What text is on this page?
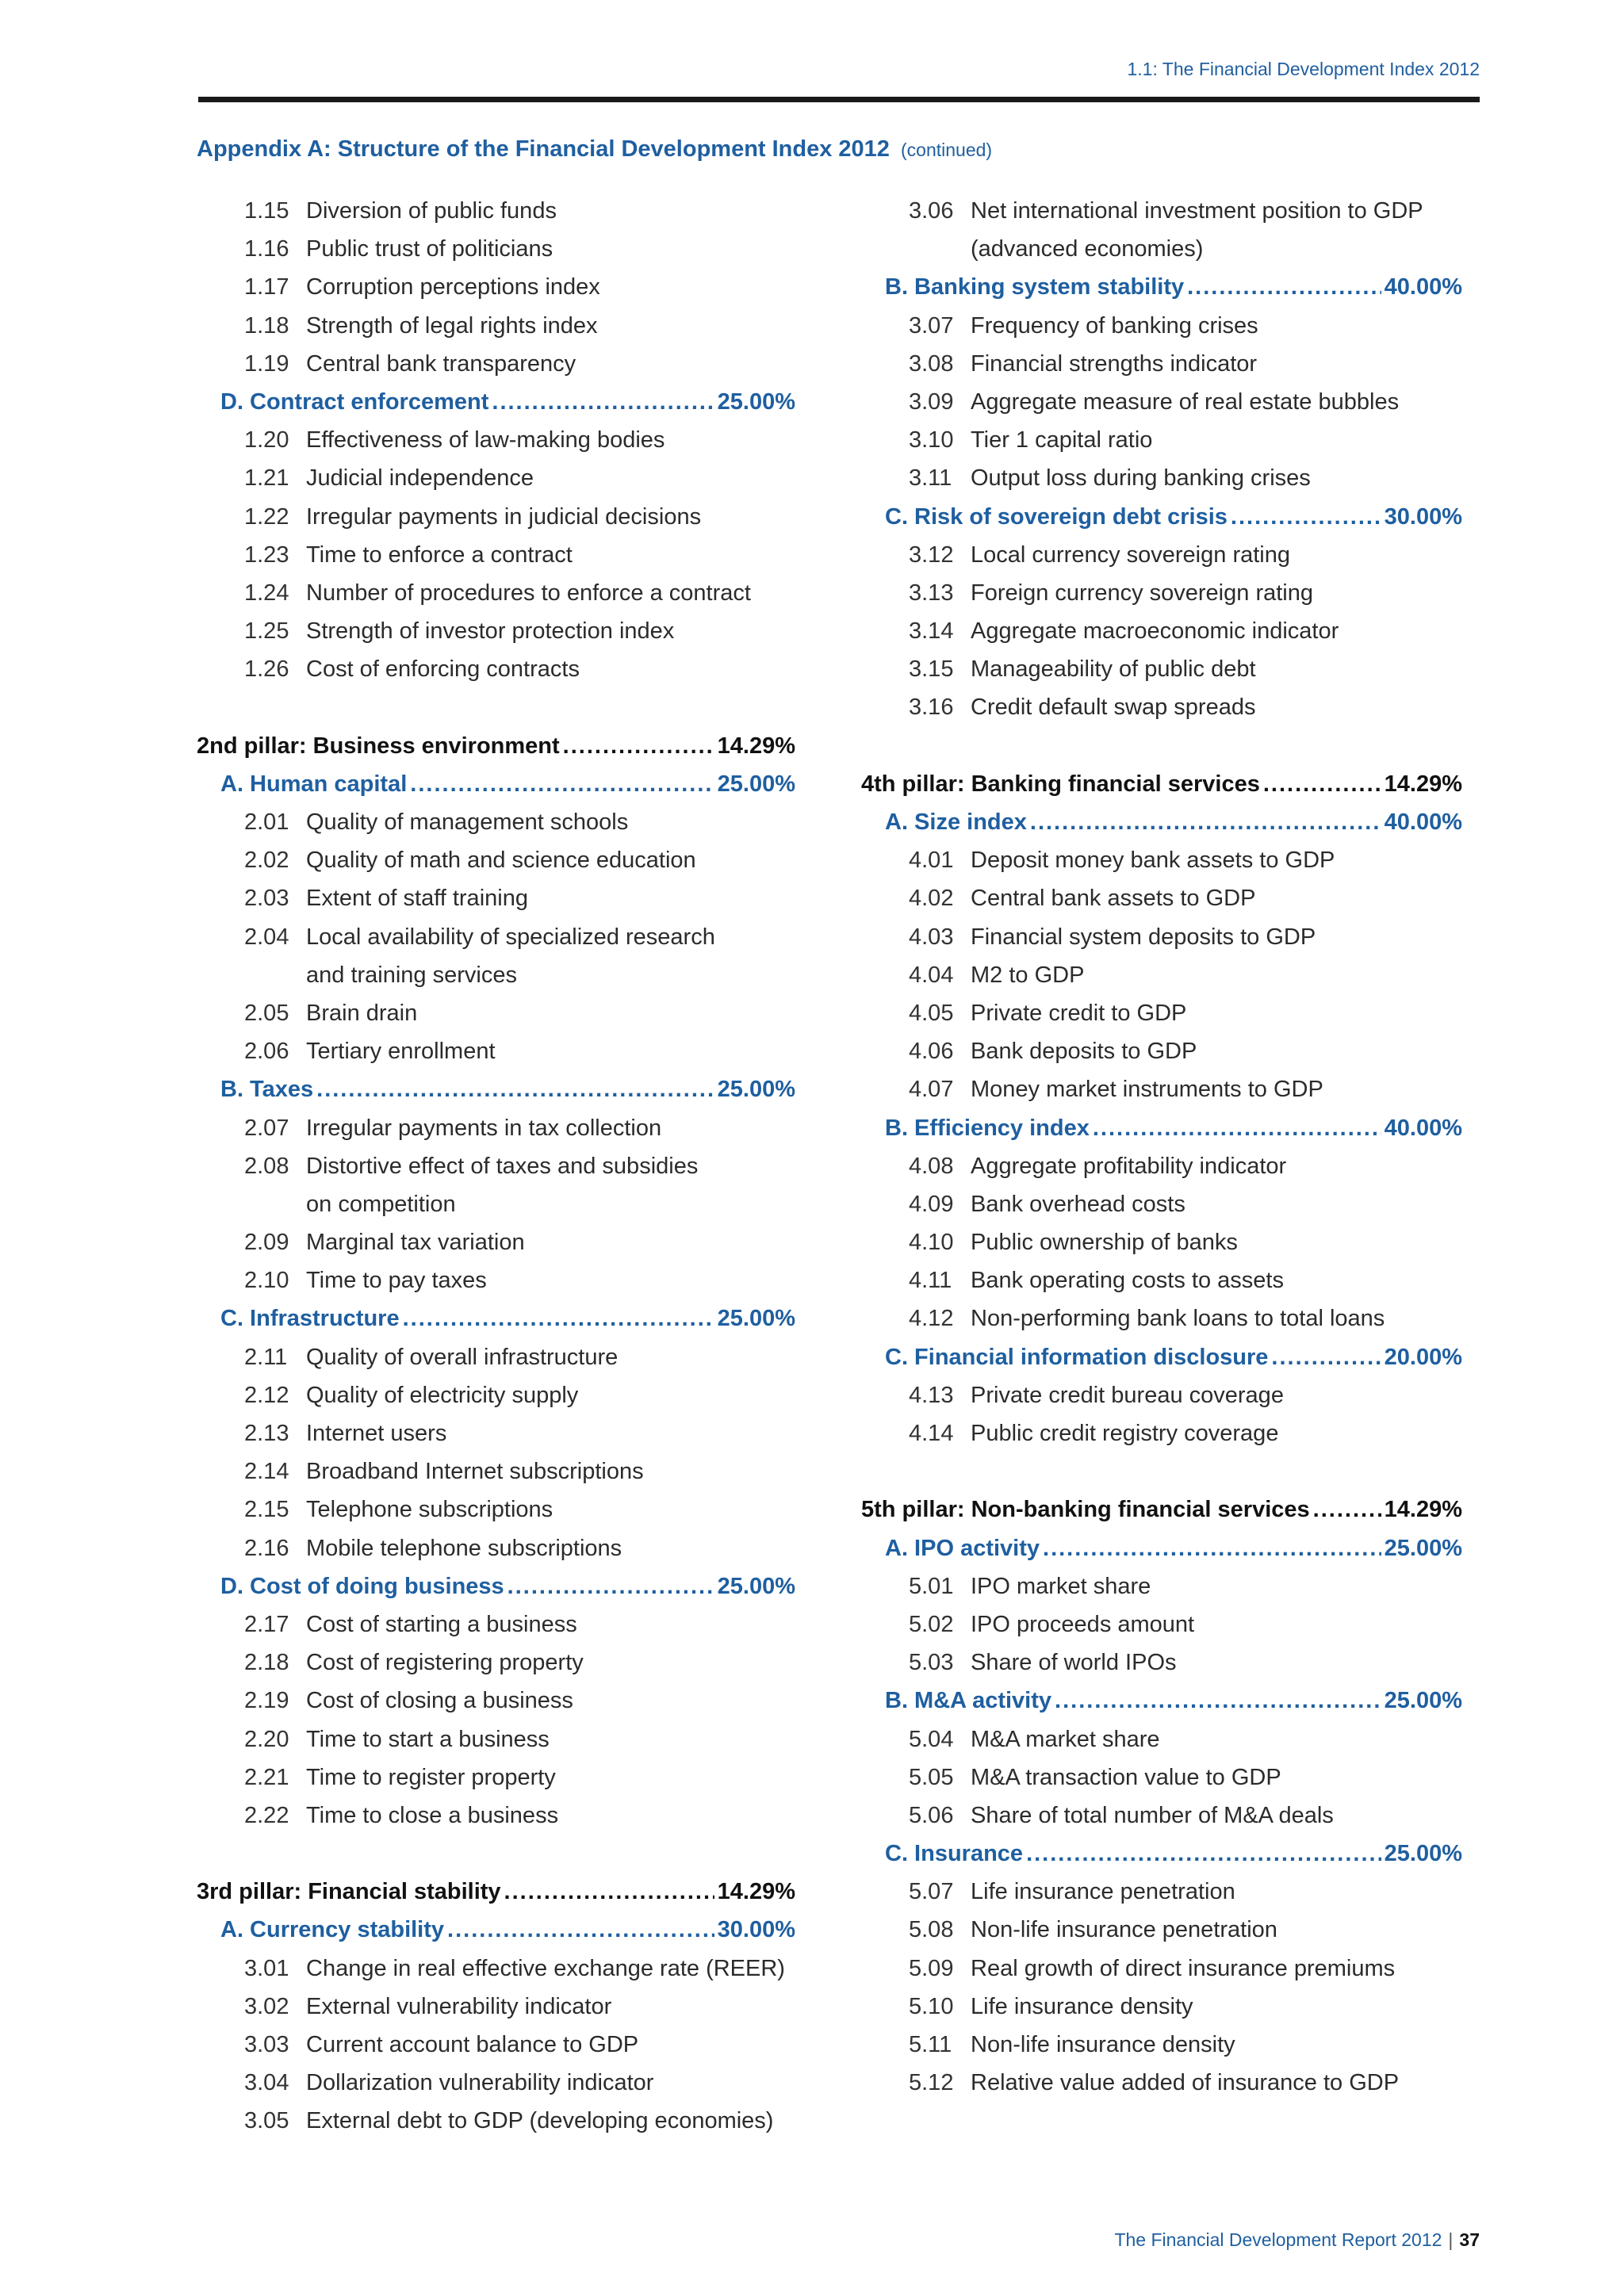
1.1: The Financial Development Index 2012
Appendix A: Structure of the Financial Development Index 2012 (continued)
1.15 Diversion of public funds
1.16 Public trust of politicians
1.17 Corruption perceptions index
1.18 Strength of legal rights index
1.19 Central bank transparency
D. Contract enforcement .....	25.00%
1.20 Effectiveness of law-making bodies
1.21 Judicial independence
1.22 Irregular payments in judicial decisions
1.23 Time to enforce a contract
1.24 Number of procedures to enforce a contract
1.25 Strength of investor protection index
1.26 Cost of enforcing contracts
2nd pillar: Business environment .....	14.29%
A. Human capital .....	25.00%
2.01 Quality of management schools
2.02 Quality of math and science education
2.03 Extent of staff training
2.04 Local availability of specialized research
and training services
2.05 Brain drain
2.06 Tertiary enrollment
B. Taxes .....	25.00%
2.07 Irregular payments in tax collection
2.08 Distortive effect of taxes and subsidies
on competition
2.09 Marginal tax variation
2.10 Time to pay taxes
C. Infrastructure .....	25.00%
2.11 Quality of overall infrastructure
2.12 Quality of electricity supply
2.13 Internet users
2.14 Broadband Internet subscriptions
2.15 Telephone subscriptions
2.16 Mobile telephone subscriptions
D. Cost of doing business .....	25.00%
2.17 Cost of starting a business
2.18 Cost of registering property
2.19 Cost of closing a business
2.20 Time to start a business
2.21 Time to register property
2.22 Time to close a business
3rd pillar: Financial stability .....	14.29%
A. Currency stability .....	30.00%
3.01 Change in real effective exchange rate (REER)
3.02 External vulnerability indicator
3.03 Current account balance to GDP
3.04 Dollarization vulnerability indicator
3.05 External debt to GDP (developing economies)
3.06 Net international investment position to GDP
(advanced economies)
B. Banking system stability .....	40.00%
3.07 Frequency of banking crises
3.08 Financial strengths indicator
3.09 Aggregate measure of real estate bubbles
3.10 Tier 1 capital ratio
3.11 Output loss during banking crises
C. Risk of sovereign debt crisis .....	30.00%
3.12 Local currency sovereign rating
3.13 Foreign currency sovereign rating
3.14 Aggregate macroeconomic indicator
3.15 Manageability of public debt
3.16 Credit default swap spreads
4th pillar: Banking financial services .....	14.29%
A. Size index .....	40.00%
4.01 Deposit money bank assets to GDP
4.02 Central bank assets to GDP
4.03 Financial system deposits to GDP
4.04 M2 to GDP
4.05 Private credit to GDP
4.06 Bank deposits to GDP
4.07 Money market instruments to GDP
B. Efficiency index .....	40.00%
4.08 Aggregate profitability indicator
4.09 Bank overhead costs
4.10 Public ownership of banks
4.11 Bank operating costs to assets
4.12 Non-performing bank loans to total loans
C. Financial information disclosure .....	20.00%
4.13 Private credit bureau coverage
4.14 Public credit registry coverage
5th pillar: Non-banking financial services .....	14.29%
A. IPO activity .....	25.00%
5.01 IPO market share
5.02 IPO proceeds amount
5.03 Share of world IPOs
B. M&A activity .....	25.00%
5.04 M&A market share
5.05 M&A transaction value to GDP
5.06 Share of total number of M&A deals
C. Insurance .....	25.00%
5.07 Life insurance penetration
5.08 Non-life insurance penetration
5.09 Real growth of direct insurance premiums
5.10 Life insurance density
5.11 Non-life insurance density
5.12 Relative value added of insurance to GDP
The Financial Development Report 2012 | 37
